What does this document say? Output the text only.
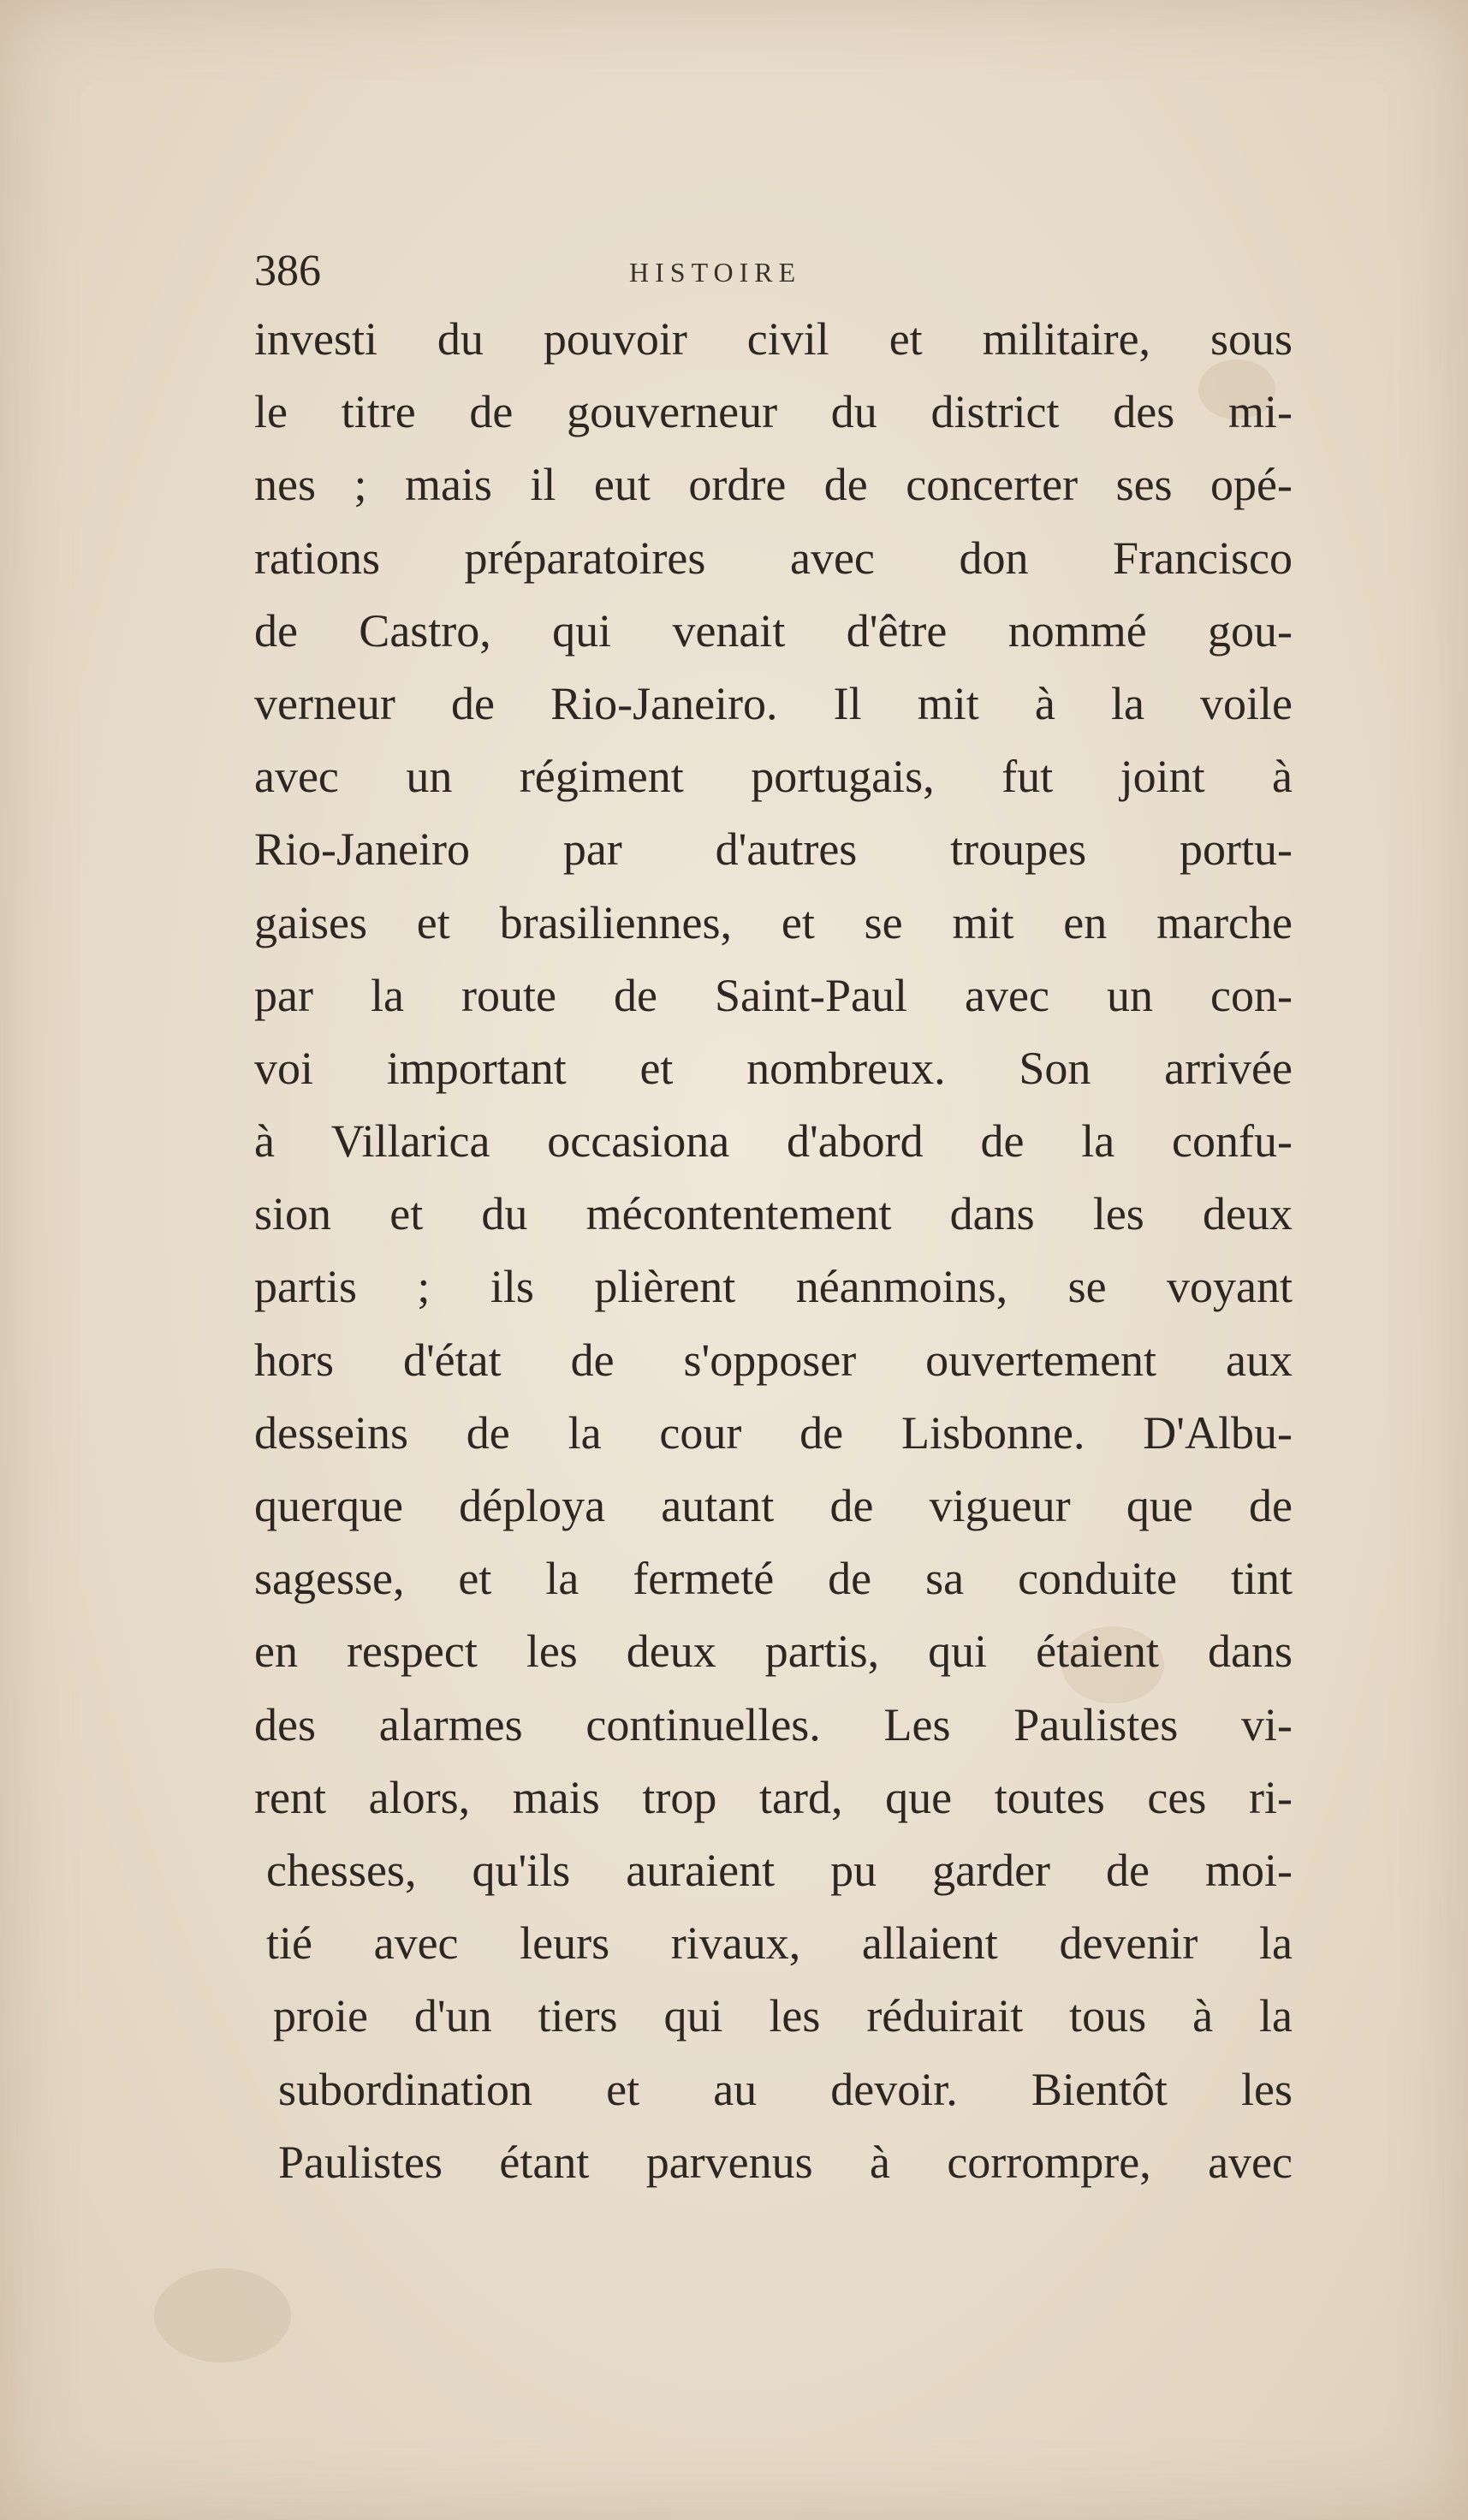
386	HISTOIRE
investi du pouvoir civil et militaire, sous
le titre de gouverneur du district des mi-
nes ; mais il eut ordre de concerter ses opé-
rations préparatoires avec don Francisco
de Castro, qui venait d'être nommé gou-
verneur de Rio-Janeiro. Il mit à la voile
avec un régiment portugais, fut joint à
Rio-Janeiro par d'autres troupes portu-
gaises et brasiliennes, et se mit en marche
par la route de Saint-Paul avec un con-
voi important et nombreux. Son arrivée
à Villarica occasiona d'abord de la confu-
sion et du mécontentement dans les deux
partis ; ils plièrent néanmoins, se voyant
hors d'état de s'opposer ouvertement aux
desseins de la cour de Lisbonne. D'Albu-
querque déploya autant de vigueur que de
sagesse, et la fermeté de sa conduite tint
en respect les deux partis, qui étaient dans
des alarmes continuelles. Les Paulistes vi-
rent alors, mais trop tard, que toutes ces ri-
chesses, qu'ils auraient pu garder de moi-
tié avec leurs rivaux, allaient devenir la
proie d'un tiers qui les réduirait tous à la
subordination et au devoir. Bientôt les
Paulistes étant parvenus à corrompre, avec
